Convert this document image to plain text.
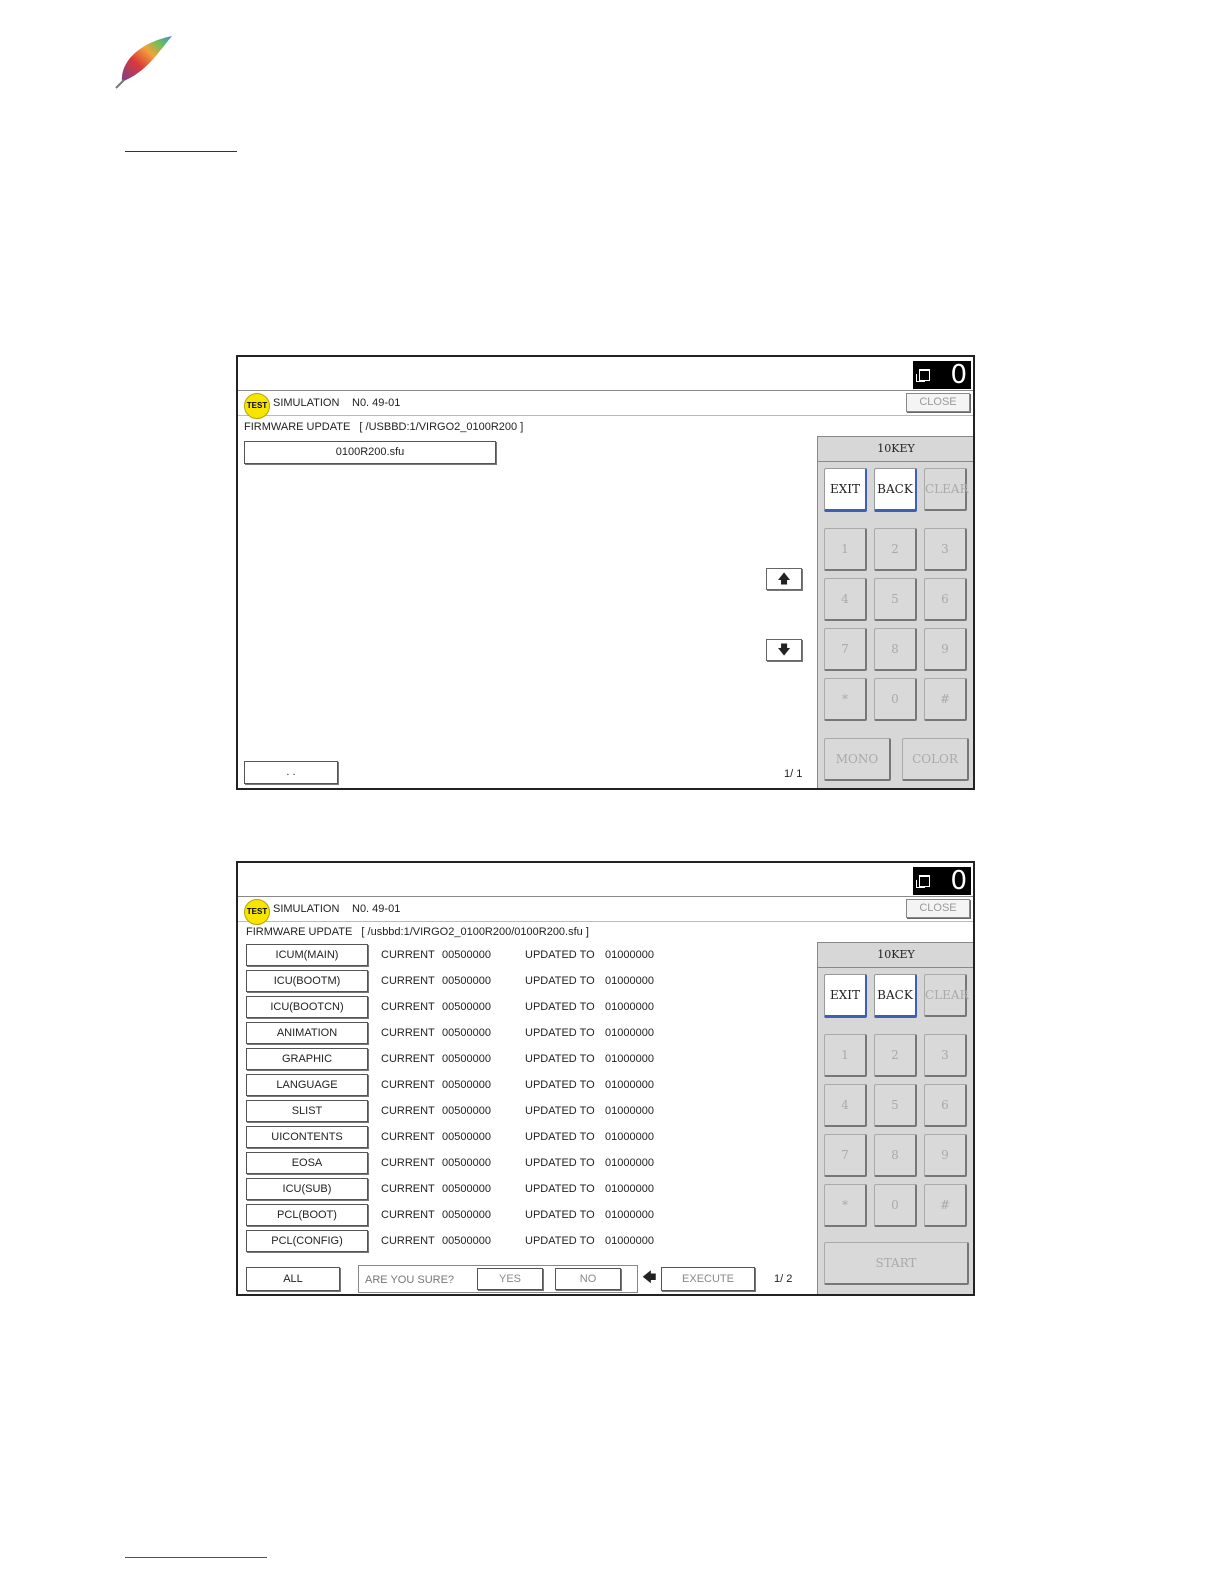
0
TEST SIMULATION N0. 49-01	CLOSE
FIRMWARE UPDATE [ /USBBD:1/VIRGO2_0100R200 ]
0100R200.sfu
🡅
🡇
. .	1/ 1
10KEY
EXIT	BACK	CLEAR
1	2	3
4	5	6
7	8	9
*	0	#
MONO	COLOR
0
TEST SIMULATION N0. 49-01	CLOSE
FIRMWARE UPDATE [ /usbbd:1/VIRGO2_0100R200/0100R200.sfu ]
ICUM(MAIN)	CURRENT 00500000	UPDATED TO 01000000
ICU(BOOTM)	CURRENT 00500000	UPDATED TO 01000000
ICU(BOOTCN)	CURRENT 00500000	UPDATED TO 01000000
ANIMATION	CURRENT 00500000	UPDATED TO 01000000
GRAPHIC	CURRENT 00500000	UPDATED TO 01000000
LANGUAGE	CURRENT 00500000	UPDATED TO 01000000
SLIST	CURRENT 00500000	UPDATED TO 01000000
UICONTENTS	CURRENT 00500000	UPDATED TO 01000000
EOSA	CURRENT 00500000	UPDATED TO 01000000
ICU(SUB)	CURRENT 00500000	UPDATED TO 01000000
PCL(BOOT)	CURRENT 00500000	UPDATED TO 01000000
PCL(CONFIG)	CURRENT 00500000	UPDATED TO 01000000
ALL	ARE YOU SURE?	YES	NO	🡄	EXECUTE	1/ 2
10KEY
EXIT	BACK	CLEAR
1	2	3
4	5	6
7	8	9
*	0	#
START
